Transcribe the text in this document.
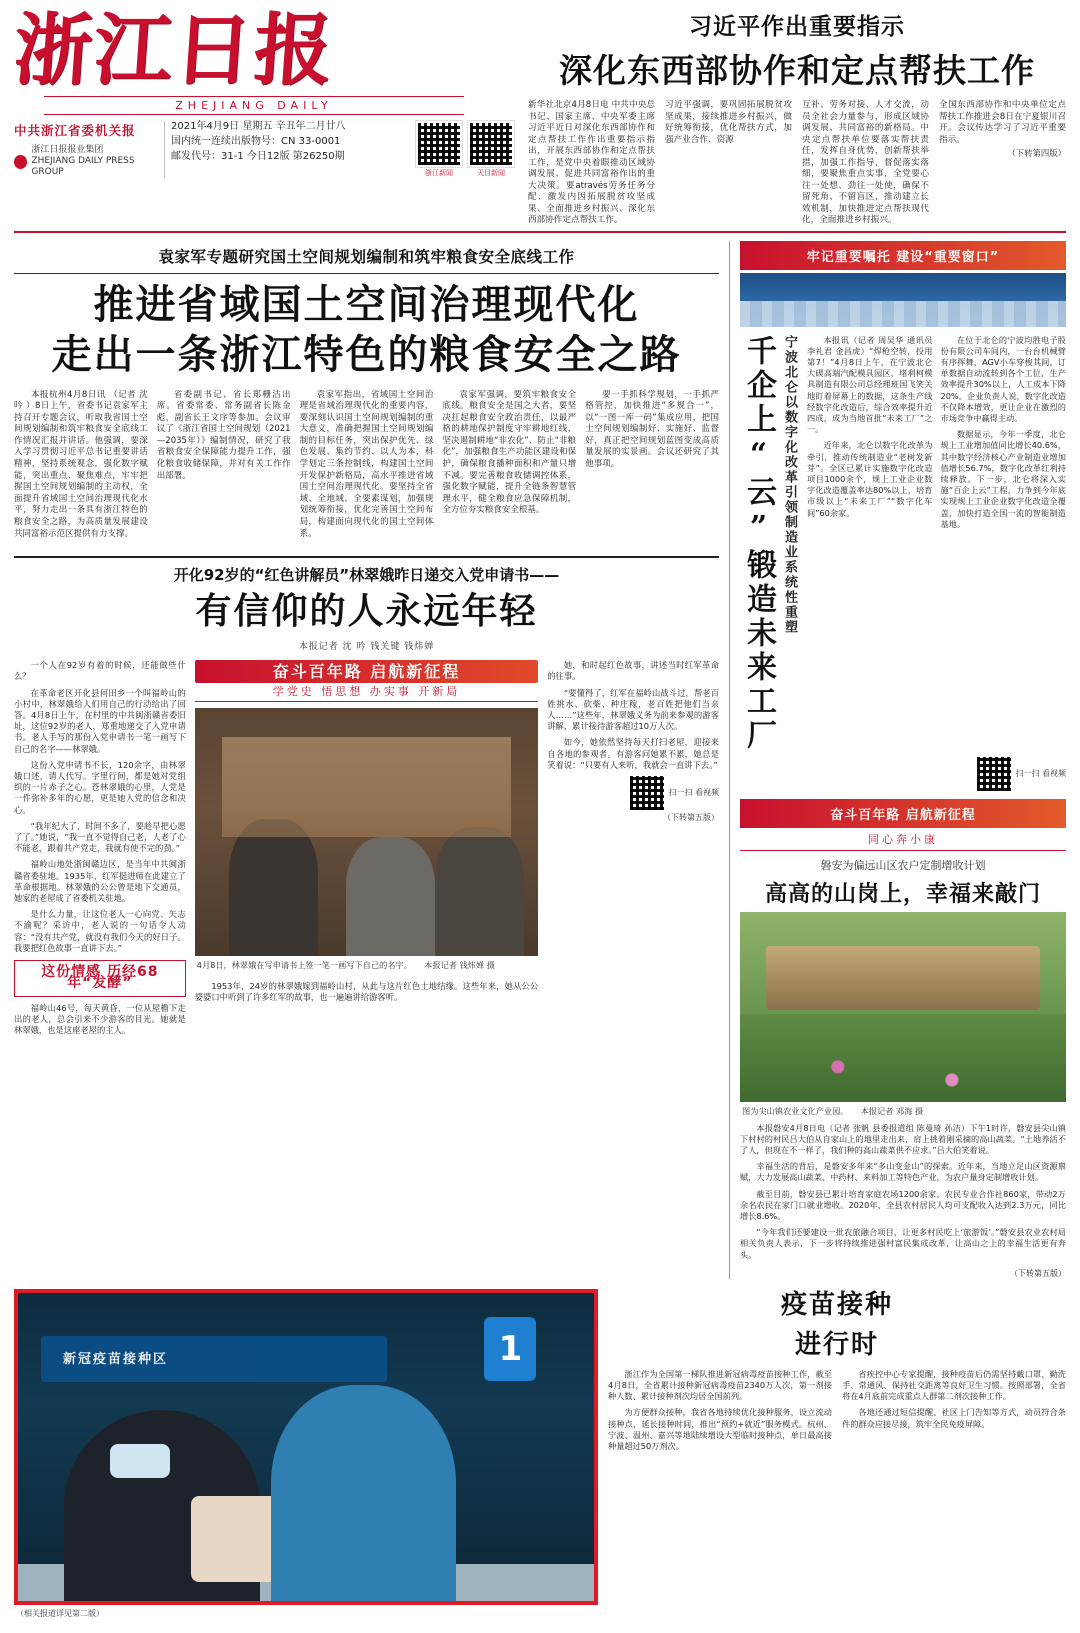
浙江日报
ZHEJIANG DAILY
中共浙江省委机关报
浙江日报报业集团
ZHEJIANG DAILY PRESS GROUP
2021年4月9日 星期五 辛丑年二月廿八
国内统一连续出版物号：CN 33-0001
邮发代号：31-1 今日12版 第26250期
浙江新闻	天目新闻
习近平作出重要指示
深化东西部协作和定点帮扶工作
新华社北京4月8日电 中共中央总书记、国家主席、中央军委主席习近平近日对深化东西部协作和定点帮扶工作作出重要指示指出，开展东西部协作和定点帮扶工作，是党中央着眼推动区域协调发展、促进共同富裕作出的重大决策。要através劳务任务分配、激发内因拓展脱贫攻坚成果、全面推进乡村振兴、深化东西部协作定点帮扶工作。
习近平强调，要巩固拓展脱贫攻坚成果，接续推进乡村振兴，做好统筹衔接，优化帮扶方式，加强产业合作、资源
互补、劳务对接、人才交流，动员全社会力量参与，形成区域协调发展、共同富裕的新格局。中央定点帮扶单位要落实帮扶责任，发挥自身优势，创新帮扶举措，加强工作指导，督促落实落细，要聚焦重点实事，全党要心往一处想、劲往一处使，确保不留死角、不留盲区，推动建立长效机制，加快推进定点帮扶现代化，全面推进乡村振兴。
全国东西部协作和中央单位定点帮扶工作推进会8日在宁夏银川召开。会议传达学习了习近平重要指示。
（下转第四版）
袁家军专题研究国土空间规划编制和筑牢粮食安全底线工作
推进省域国土空间治理现代化
走出一条浙江特色的粮食安全之路

本报杭州4月8日讯 （记者 沈 吟 ）8日上午，省委书记袁家军主持召开专题会议，听取我省国土空间规划编制和筑牢粮食安全底线工作情况汇报并讲话。他强调，要深入学习贯彻习近平总书记重要讲话精神，坚持系统观念，强化数字赋能，突出重点、聚焦难点，牢牢把握国土空间规划编制的主动权，全面提升省域国土空间治理现代化水平，努力走出一条具有浙江特色的粮食安全之路，为高质量发展建设共同富裕示范区提供有力支撑。

省委副书记、省长郑栅洁出席。省委常委、常务副省长陈金彪，副省长王文序等参加。会议审议了《浙江省国土空间规划（2021—2035年）》编制情况，研究了我省粮食安全保障能力提升工作，强化粮食收储保障，并对有关工作作出部署。

袁家军指出，省域国土空间治理是省域治理现代化的重要内容，要深刻认识国土空间规划编制的重大意义，准确把握国土空间规划编制的目标任务，突出保护优先、绿色发展、集约节约、以人为本，科学划定三条控制线，构建国土空间开发保护新格局，高水平推进省域国土空间治理现代化。要坚持全省域、全地域、全要素谋划，加强规划统筹衔接，优化完善国土空间布局，构建面向现代化的国土空间体系。

袁家军强调，要筑牢粮食安全底线。粮食安全是国之大者，要坚决扛起粮食安全政治责任，以最严格的耕地保护制度守牢耕地红线，坚决遏制耕地“非农化”、防止“非粮化”，加强粮食生产功能区建设和保护，确保粮食播种面积和产量只增不减。要完善粮食收储调控体系，强化数字赋能，提升全链条智慧管理水平，健全粮食应急保障机制，全方位夯实粮食安全根基。

要一手抓科学规划，一手抓严格管控，加快推进“多规合一”，以“一图一库一码”集成应用，把国土空间规划编制好、实施好、监督好，真正把空间规划蓝图变成高质量发展的实景画。会议还研究了其他事项。

开化92岁的“红色讲解员”林翠娥昨日递交入党申请书——
有信仰的人永远年轻
本报记者 沈 吟 钱关键 钱炜婵

一个人在92岁有着的时候，还能做些什么？

在革命老区开化县何田乡一个叫福岭山的小村中，林翠娥给人们用自己的行动给出了回答。4月8日上午，在村里的中共闽浙赣省委旧址，这位92岁的老人，郑重地递交了入党申请书。老人手写的那份入党申请书一笔一画写下自己的名字——林翠娥。

这份入党申请书不长，120余字，由林翠娥口述，请人代写。字里行间，都是她对党组织的一片赤子之心。苍林翠娥的心里，人党是一件弥补多年的心愿，更是她入党的信念和决心。

“我年纪大了，时间不多了，要趁早把心愿了了。”她说，“我一直不觉得自己老，人老了心不能老，跟着共产党走，我就有使不完的劲。”

福岭山地处浙闽赣边区，是当年中共闽浙赣省委驻地。1935年，红军挺进师在此建立了革命根据地。林翠娥的公公曾是地下交通员，她家的老屋成了省委机关驻地。

是什么力量，让这位老人一心向党、矢志不渝呢？采访中，老人说的一句话令人动容：“没有共产党，就没有我们今天的好日子。我要把红色故事一直讲下去。”

这份情感 历经68年“发酵”

福岭山46号，每天黄昏，一位从屋檐下走出的老人，总会引来不少游客的目光。她就是林翠娥，也是这座老屋的主人。

奋斗百年路 启航新征程
学党史 悟思想 办实事 开新局
4月8日，林翠娥在写申请书上签一笔一画写下自己的名字。　　本报记者 钱炜婵 摄

1953年，24岁的林翠娥嫁到福岭山村，从此与这片红色土地结缘。这些年来，她从公公婆婆口中听到了许多红军的故事，也一遍遍讲给游客听。

她，和时起红色故事，讲述当时红军革命的往事。

“要懂得了，红军在福岭山战斗过，帮老百姓挑水、砍柴、种庄稼，老百姓把他们当亲人……”这些年，林翠娥义务为前来参观的游客讲解，累计接待游客超过10万人次。

如今，她依然坚持每天打扫老屋，迎接来自各地的参观者。有游客问她累不累，她总是笑着说：“只要有人来听，我就会一直讲下去。”

扫一扫 看视频
（下转第五版）
牢记重要嘱托 建设“重要窗口”
千企上“云”锻造未来工厂 宁波北仑以数字化改革引领制造业系统性重塑	本报讯（记者 周吴华 通讯员 李礼君 金昌虎）“焊枪空转，投用第7！”4月8日上午，在宁波北仑大碶高端汽配模具园区，堵利柯模具制造有限公司总经理班国飞笑关地盯着屏幕上的数据，这条生产线经数字化改造后，综合效率提升近四成，成为当地首批“未来工厂”之一。

近年来，北仑以数字化改革为牵引，推动传统制造业“老树发新芽”。全区已累计实施数字化改造项目1000余个，规上工业企业数字化改造覆盖率达80%以上，培育市级以上“未来工厂”“数字化车间”60余家。

在位于北仑的宁波均胜电子股份有限公司车间内，一台台机械臂有序挥舞，AGV小车穿梭其间，订单数据自动流转到各个工位，生产效率提升30%以上，人工成本下降20%。企业负责人说，数字化改造不仅降本增效，更让企业在激烈的市场竞争中赢得主动。

数据显示，今年一季度，北仑规上工业增加值同比增长40.6%，其中数字经济核心产业制造业增加值增长56.7%，数字化改革红利持续释放。下一步，北仑将深入实施“百企上云”工程，力争到今年底实现规上工业企业数字化改造全覆盖，加快打造全国一流的智能制造基地。

扫一扫 看视频
奋斗百年路 启航新征程
同心奔小康
磐安为偏远山区农户定制增收计划
高高的山岗上，幸福来敲门
图为尖山镇农业文化产业园。　　本报记者 邓海 摄

本报磐安4月8日电（记者 张帆 县委报道组 陈曼琦 孙洁）下午1时许，磐安县尖山镇下村村的村民吕大伯从自家山上的地里走出来，肩上挑着刚采摘的高山蔬菜。“土地养活不了人，但现在不一样了，我们种的高山蔬菜供不应求。”吕大伯笑着说。

幸福生活的背后，是磐安多年来“多山变金山”的探索。近年来，当地立足山区资源禀赋，大力发展高山蔬菜、中药材、来料加工等特色产业，为农户量身定制增收计划。

截至目前，磐安县已累计培育家庭农场1200余家、农民专业合作社860家，带动2万余名农民在家门口就业增收。2020年，全县农村居民人均可支配收入达到2.3万元，同比增长8.6%。

“今年我们还要建设一批农旅融合项目，让更多村民吃上‘旅游饭’。”磐安县农业农村局相关负责人表示，下一步将持续推进强村富民集成改革，让高山之上的幸福生活更有奔头。

（下转第五版）
新冠疫苗接种区	1
（相关报道详见第二版）
疫苗接种
进行时

浙江作为全国第一梯队推进新冠病毒疫苗接种工作，截至4月8日，全省累计接种新冠病毒疫苗2340万人次，第一剂接种人数、累计接种剂次均居全国前列。

为方便群众接种，我省各地持续优化接种服务，设立流动接种点，延长接种时间，推出“预约+就近”服务模式。杭州、宁波、温州、嘉兴等地陆续增设大型临时接种点，单日最高接种量超过50万剂次。

省疾控中心专家提醒，接种疫苗后仍需坚持戴口罩、勤洗手、常通风、保持社交距离等良好卫生习惯。按照部署，全省将在4月底前完成重点人群第二剂次接种工作。

各地还通过短信提醒、社区上门告知等方式，动员符合条件的群众应接尽接，筑牢全民免疫屏障。
